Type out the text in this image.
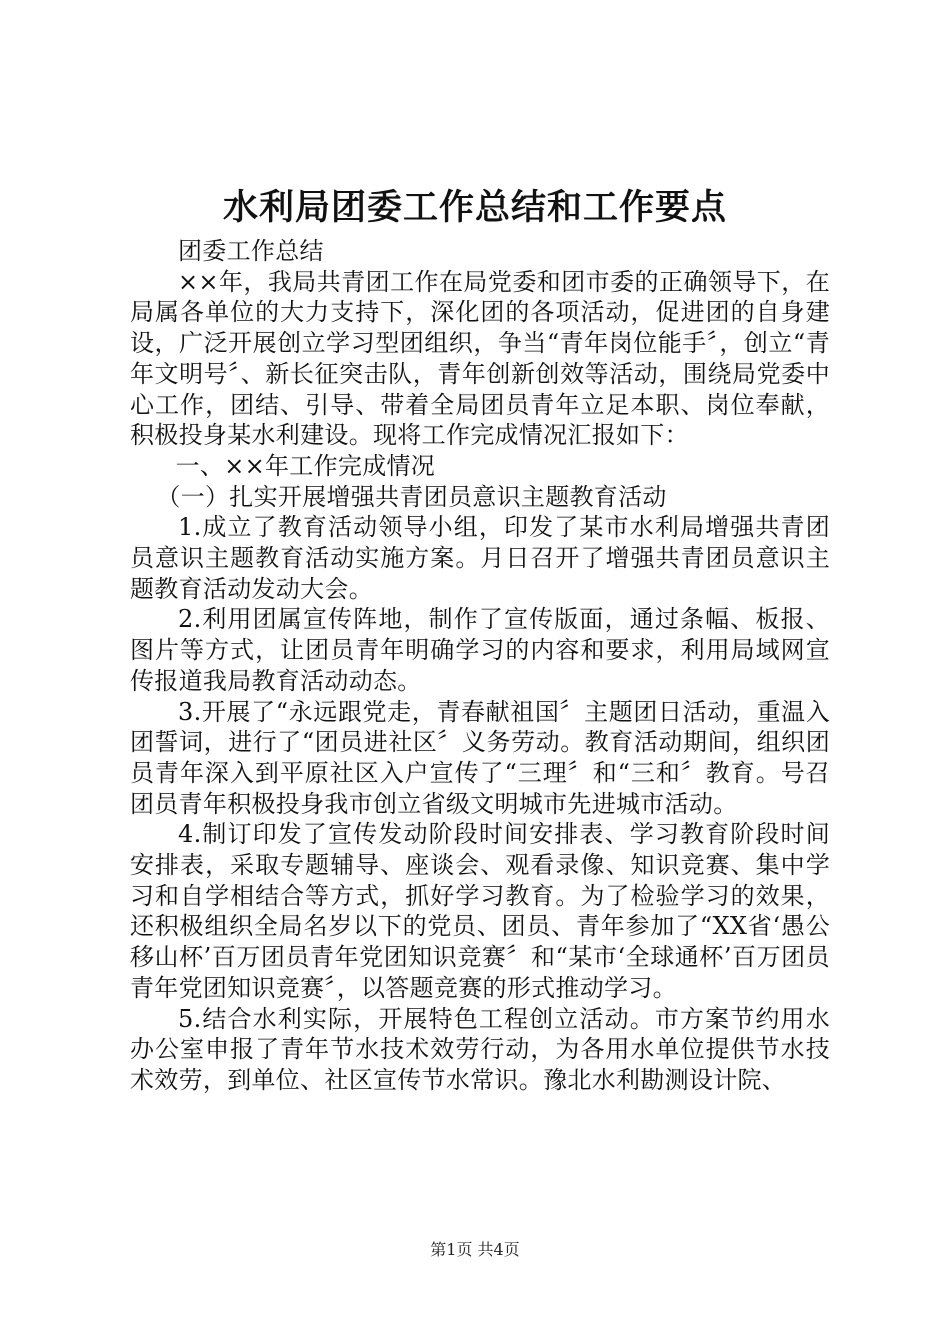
水利局团委工作总结和工作要点

团委工作总结

××年，我局共青团工作在局党委和团市委的正确领导下，在局属各单位的大力支持下，深化团的各项活动，促进团的自身建设，广泛开展创立学习型团组织，争当“青年岗位能手〞，创立“青年文明号〞、新长征突击队，青年创新创效等活动，围绕局党委中心工作，团结、引导、带着全局团员青年立足本职、岗位奉献，积极投身某水利建设。现将工作完成情况汇报如下：

一、××年工作完成情况

（一）扎实开展增强共青团员意识主题教育活动

1.成立了教育活动领导小组，印发了某市水利局增强共青团员意识主题教育活动实施方案。月日召开了增强共青团员意识主题教育活动发动大会。

2.利用团属宣传阵地，制作了宣传版面，通过条幅、板报、图片等方式，让团员青年明确学习的内容和要求，利用局域网宣传报道我局教育活动动态。

3.开展了“永远跟党走，青春献祖国〞主题团日活动，重温入团誓词，进行了“团员进社区〞义务劳动。教育活动期间，组织团员青年深入到平原社区入户宣传了“三理〞和“三和〞教育。号召团员青年积极投身我市创立省级文明城市先进城市活动。

4.制订印发了宣传发动阶段时间安排表、学习教育阶段时间安排表，采取专题辅导、座谈会、观看录像、知识竞赛、集中学习和自学相结合等方式，抓好学习教育。为了检验学习的效果，还积极组织全局名岁以下的党员、团员、青年参加了“XX省‘愚公移山杯’百万团员青年党团知识竞赛〞和“某市‘全球通杯’百万团员青年党团知识竞赛〞，以答题竞赛的形式推动学习。

5.结合水利实际，开展特色工程创立活动。市方案节约用水办公室申报了青年节水技术效劳行动，为各用水单位提供节水技术效劳，到单位、社区宣传节水常识。豫北水利勘测设计院、

第1页 共4页
